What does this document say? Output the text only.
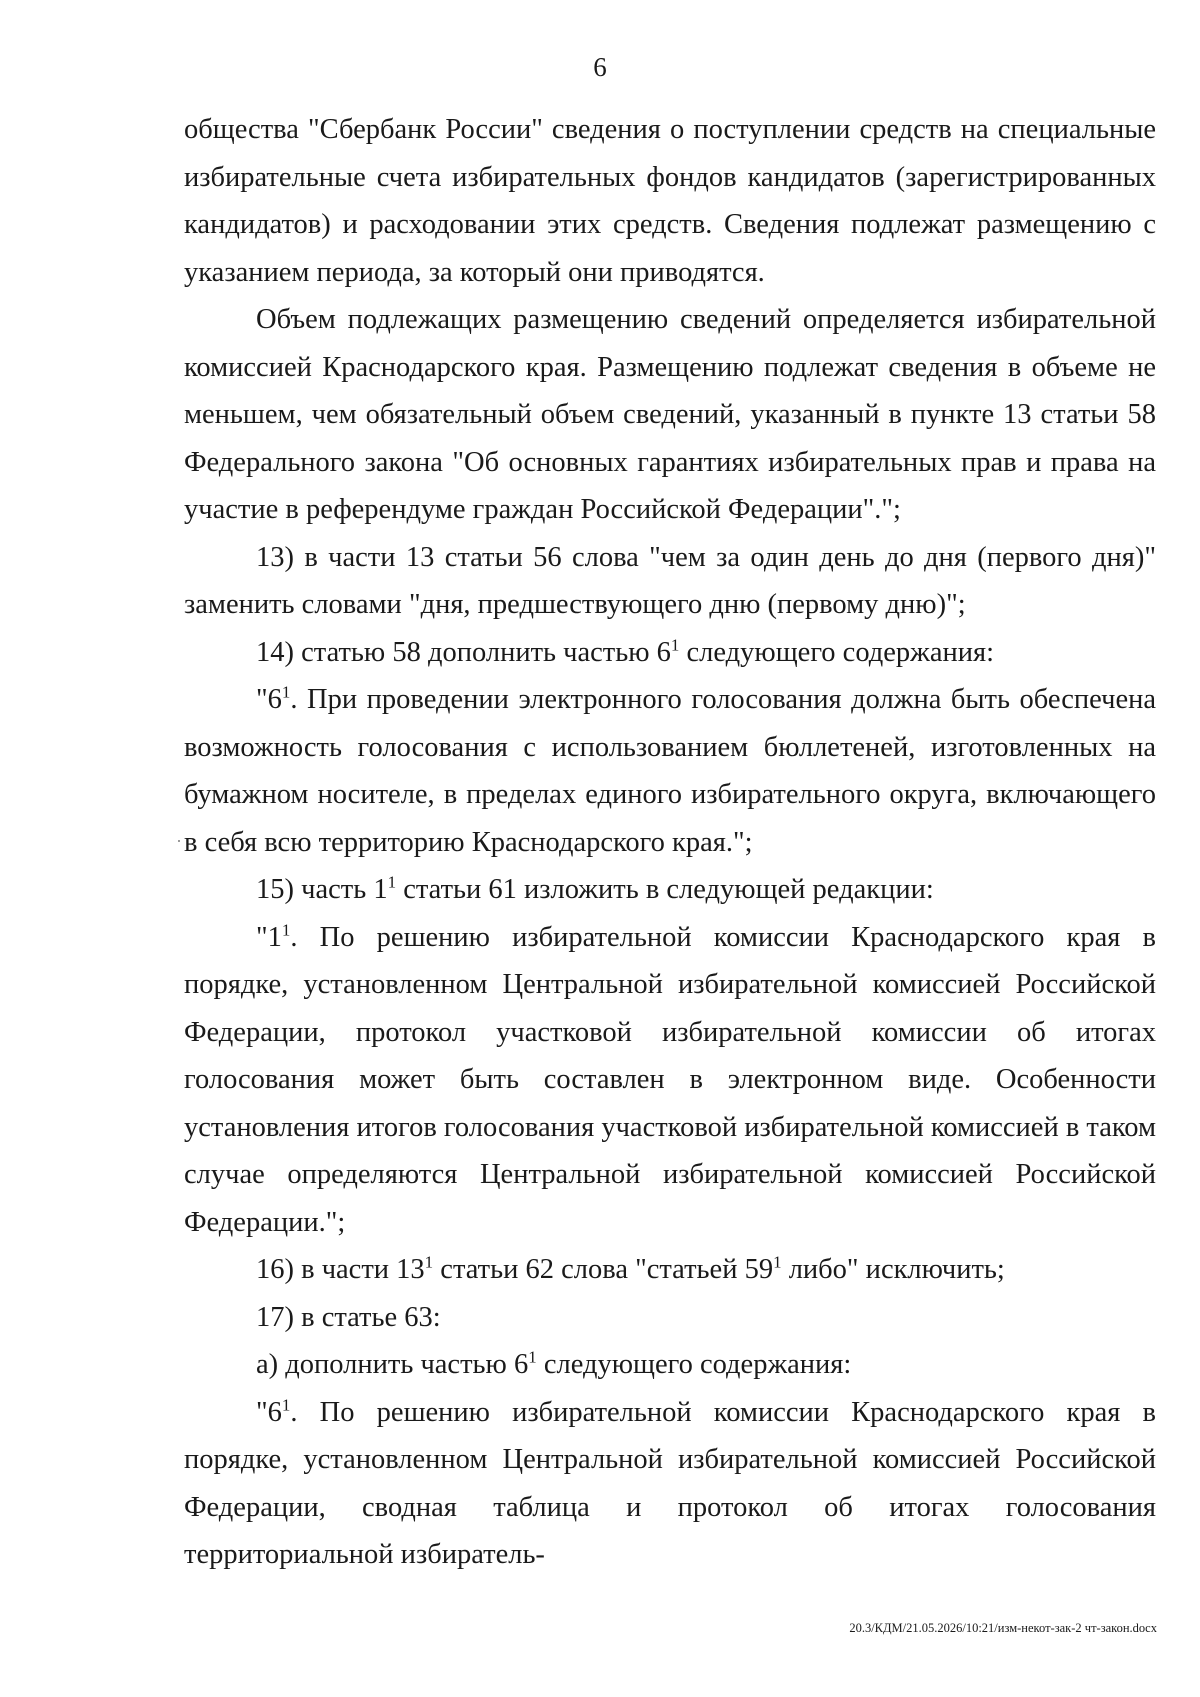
6

общества "Сбербанк России" сведения о поступлении средств на специальные избирательные счета избирательных фондов кандидатов (зарегистрированных кандидатов) и расходовании этих средств. Сведения подлежат размещению с указанием периода, за который они приводятся.

Объем подлежащих размещению сведений определяется избирательной комиссией Краснодарского края. Размещению подлежат сведения в объеме не меньшем, чем обязательный объем сведений, указанный в пункте 13 статьи 58 Федерального закона "Об основных гарантиях избирательных прав и права на участие в референдуме граждан Российской Федерации".";

13) в части 13 статьи 56 слова "чем за один день до дня (первого дня)" заменить словами "дня, предшествующего дню (первому дню)";

14) статью 58 дополнить частью $6^1$ следующего содержания:

"$6^1$. При проведении электронного голосования должна быть обеспечена возможность голосования с использованием бюллетеней, изготовленных на бумажном носителе, в пределах единого избирательного округа, включающего в себя всю территорию Краснодарского края.";

15) часть $1^1$ статьи 61 изложить в следующей редакции:

"$1^1$. По решению избирательной комиссии Краснодарского края в порядке, установленном Центральной избирательной комиссией Российской Федерации, протокол участковой избирательной комиссии об итогах голосования может быть составлен в электронном виде. Особенности установления итогов голосования участковой избирательной комиссией в таком случае определяются Центральной избирательной комиссией Российской Федерации.";

16) в части $13^1$ статьи 62 слова "статьей $59^1$ либо" исключить;

17) в статье 63:

а) дополнить частью $6^1$ следующего содержания:

"$6^1$. По решению избирательной комиссии Краснодарского края в порядке, установленном Центральной избирательной комиссией Российской Федерации, сводная таблица и протокол об итогах голосования территориальной избиратель-

20.3/КДМ/21.05.2026/10:21/изм-некот-зак-2 чт-закон.docx
